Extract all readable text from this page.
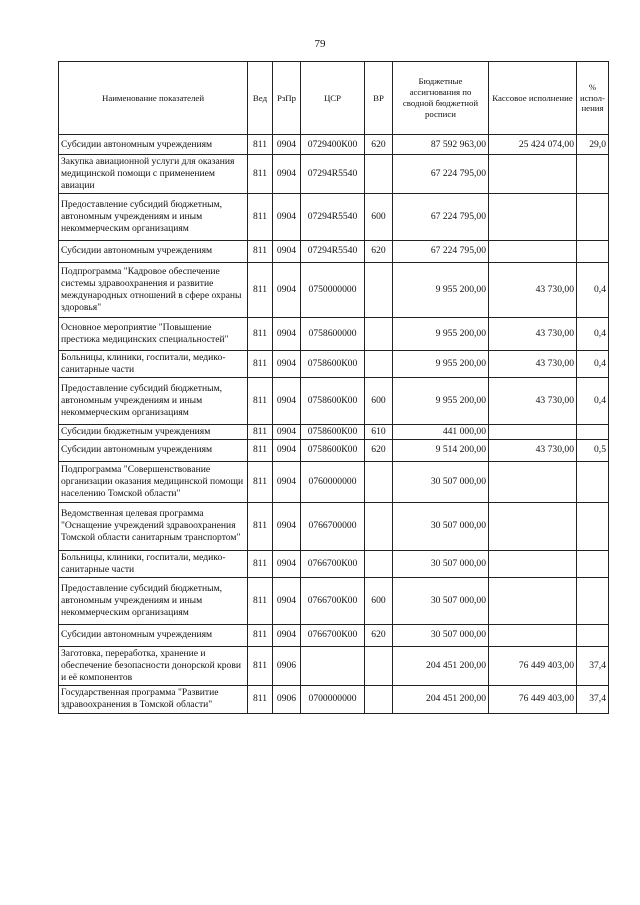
79
Наименование показателей	Вед	РзПр	ЦСР	ВР	Бюджетные ассигнования по сводной бюджетной росписи	Кассовое исполнение	% испол-нения
Субсидии автономным учреждениям	811	0904	0729400К00	620	87 592 963,00	25 424 074,00	29,0
Закупка авиационной услуги для оказания медицинской помощи с применением авиации	811	0904	07294R5540		67 224 795,00		
Предоставление субсидий бюджетным, автономным учреждениям и иным некоммерческим организациям	811	0904	07294R5540	600	67 224 795,00		
Субсидии автономным учреждениям	811	0904	07294R5540	620	67 224 795,00		
Подпрограмма "Кадровое обеспечение системы здравоохранения и развитие международных отношений в сфере охраны здоровья"	811	0904	0750000000		9 955 200,00	43 730,00	0,4
Основное мероприятие "Повышение престижа медицинских специальностей"	811	0904	0758600000		9 955 200,00	43 730,00	0,4
Больницы, клиники, госпитали, медико-санитарные части	811	0904	0758600К00		9 955 200,00	43 730,00	0,4
Предоставление субсидий бюджетным, автономным учреждениям и иным некоммерческим организациям	811	0904	0758600К00	600	9 955 200,00	43 730,00	0,4
Субсидии бюджетным учреждениям	811	0904	0758600К00	610	441 000,00		
Субсидии автономным учреждениям	811	0904	0758600К00	620	9 514 200,00	43 730,00	0,5
Подпрограмма "Совершенствование организации оказания медицинской помощи населению Томской области"	811	0904	0760000000		30 507 000,00		
Ведомственная целевая программа "Оснащение учреждений здравоохранения Томской области санитарным транспортом"	811	0904	0766700000		30 507 000,00		
Больницы, клиники, госпитали, медико-санитарные части	811	0904	0766700К00		30 507 000,00		
Предоставление субсидий бюджетным, автономным учреждениям и иным некоммерческим организациям	811	0904	0766700К00	600	30 507 000,00		
Субсидии автономным учреждениям	811	0904	0766700К00	620	30 507 000,00		
Заготовка, переработка, хранение и обеспечение безопасности донорской крови и её компонентов	811	0906			204 451 200,00	76 449 403,00	37,4
Государственная программа "Развитие здравоохранения в Томской области"	811	0906	0700000000		204 451 200,00	76 449 403,00	37,4
